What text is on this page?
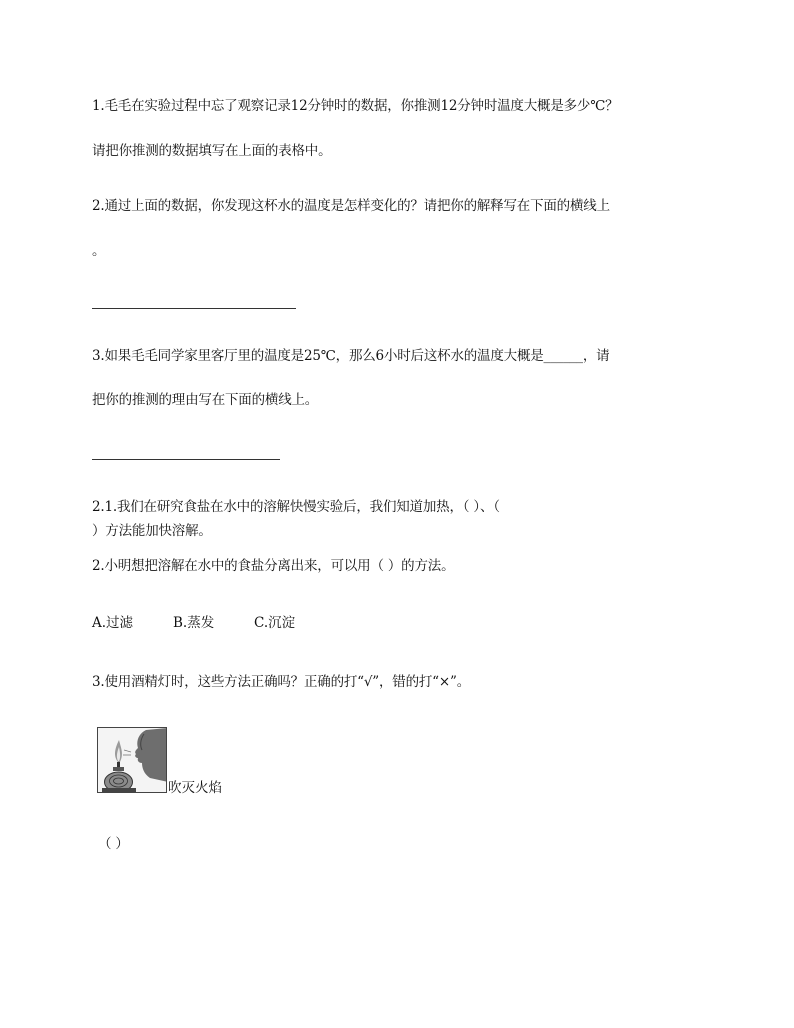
1.毛毛在实验过程中忘了观察记录12分钟时的数据，你推测12分钟时温度大概是多少℃？
请把你推测的数据填写在上面的表格中。
2.通过上面的数据，你发现这杯水的温度是怎样变化的？请把你的解释写在下面的横线上
。
3.如果毛毛同学家里客厅里的温度是25℃，那么6小时后这杯水的温度大概是______，请
把你的推测的理由写在下面的横线上。
2.1.我们在研究食盐在水中的溶解快慢实验后，我们知道加热，（ ）、（
）方法能加快溶解。
2.小明想把溶解在水中的食盐分离出来，可以用（ ）的方法。
A.过滤	B.蒸发	C.沉淀
3.使用酒精灯时，这些方法正确吗？正确的打“√”，错的打“×”。
吹灭火焰
（ ）
